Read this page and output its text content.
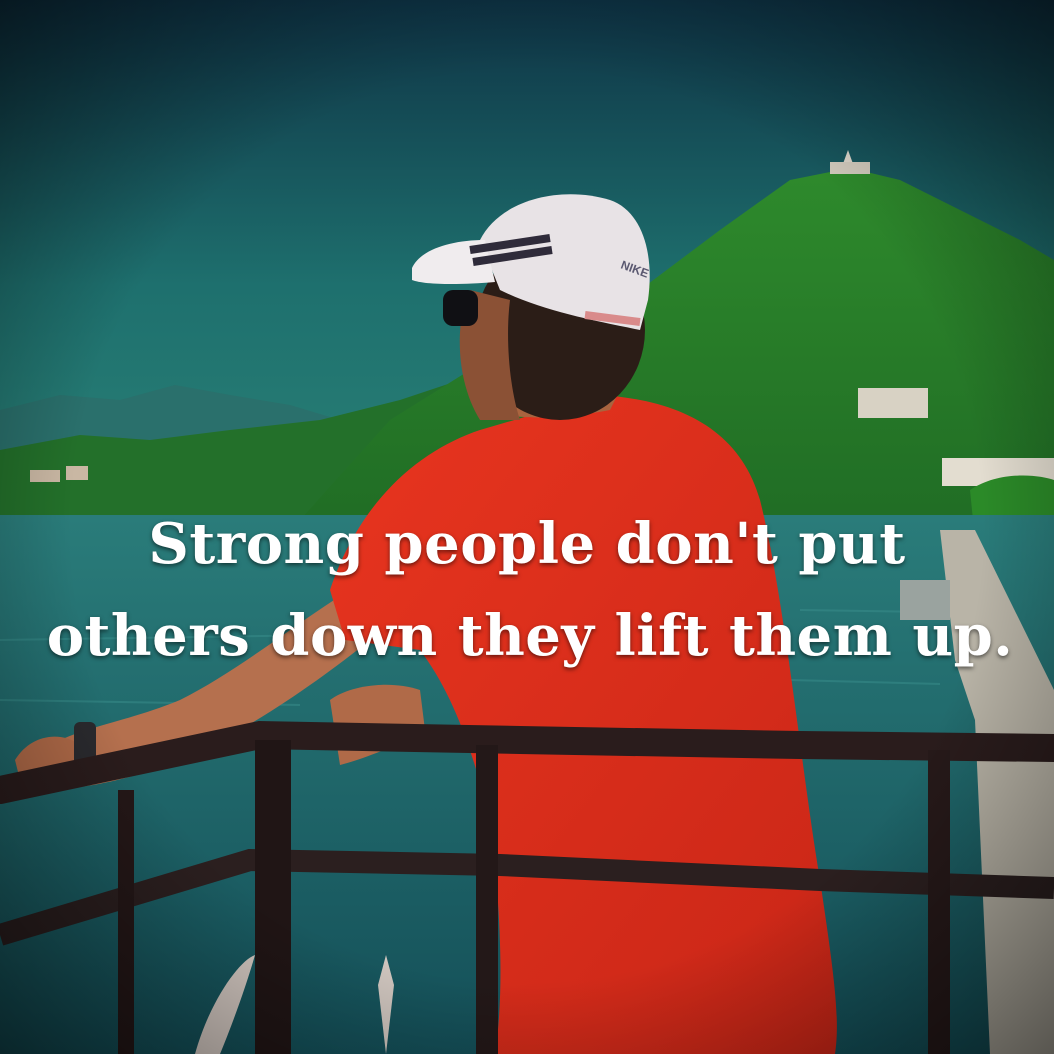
Strong people don't put
others down they lift them up.
